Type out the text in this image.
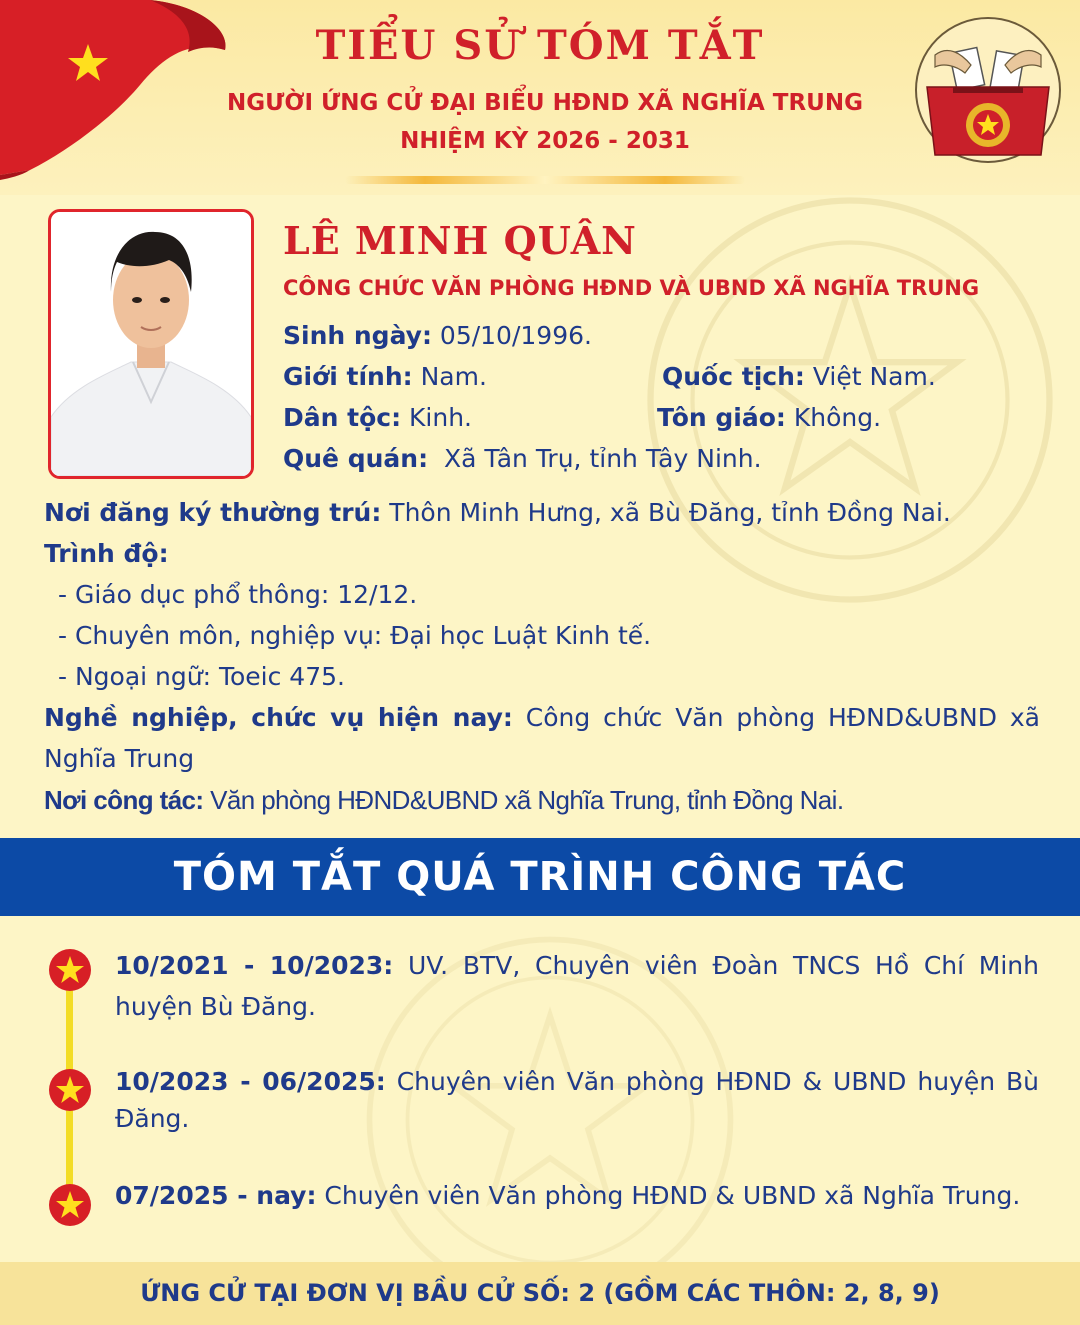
TIỂU SỬ TÓM TẮT
NGƯỜI ỨNG CỬ ĐẠI BIỂU HĐND XÃ NGHĨA TRUNG
NHIỆM KỲ 2026 - 2031
LÊ MINH QUÂN
CÔNG CHỨC VĂN PHÒNG HĐND VÀ UBND XÃ NGHĨA TRUNG
Sinh ngày: 05/10/1996.
Giới tính: Nam.	Quốc tịch: Việt Nam.
Dân tộc: Kinh.	Tôn giáo: Không.
Quê quán:  Xã Tân Trụ, tỉnh Tây Ninh.
Nơi đăng ký thường trú: Thôn Minh Hưng, xã Bù Đăng, tỉnh Đồng Nai.
Trình độ:
- Giáo dục phổ thông: 12/12.
- Chuyên môn, nghiệp vụ: Đại học Luật Kinh tế.
- Ngoại ngữ: Toeic 475.
Nghề nghiệp, chức vụ hiện nay: Công chức Văn phòng HĐND&UBND xã Nghĩa Trung
Nơi công tác: Văn phòng HĐND&UBND xã Nghĩa Trung, tỉnh Đồng Nai.
TÓM TẮT QUÁ TRÌNH CÔNG TÁC
10/2021 - 10/2023: UV. BTV, Chuyên viên Đoàn TNCS Hồ Chí Minh huyện Bù Đăng.
10/2023 - 06/2025: Chuyên viên Văn phòng HĐND & UBND huyện Bù Đăng.
07/2025 - nay: Chuyên viên Văn phòng HĐND & UBND xã Nghĩa Trung.
ỨNG CỬ TẠI ĐƠN VỊ BẦU CỬ SỐ: 2 (GỒM CÁC THÔN: 2, 8, 9)
